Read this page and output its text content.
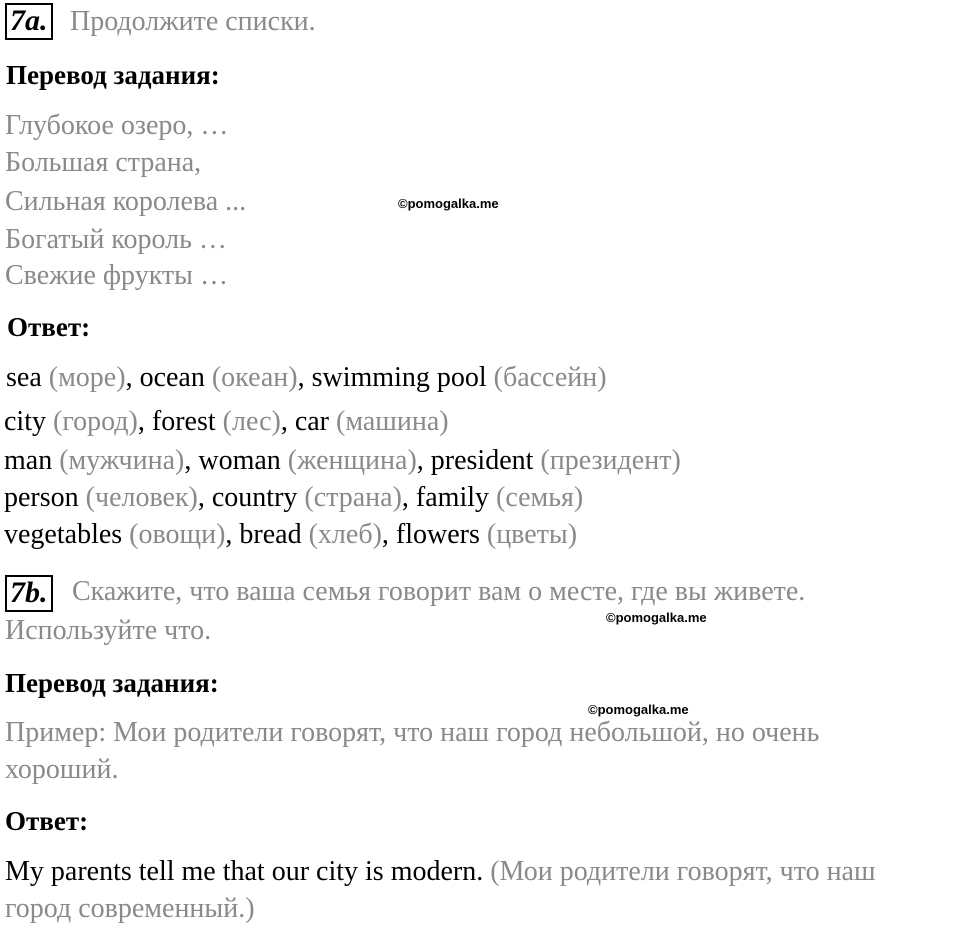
7a. Продолжите списки.
Перевод задания:
Глубокое озеро, …
Большая страна,
Сильная королева ...
Богатый король …
Свежие фрукты …
©pomogalka.me
Ответ:
sea (море), ocean (океан), swimming pool (бассейн)
city (город), forest (лес), car (машина)
man (мужчина), woman (женщина), president (президент)
person (человек), country (страна), family (семья)
vegetables (овощи), bread (хлеб), flowers (цветы)
7b. Скажите, что ваша семья говорит вам о месте, где вы живете.
Используйте что.	©pomogalka.me
Перевод задания:
©pomogalka.me
Пример: Мои родители говорят, что наш город небольшой, но очень
хороший.
Ответ:
My parents tell me that our city is modern. (Мои родители говорят, что наш
город современный.)
